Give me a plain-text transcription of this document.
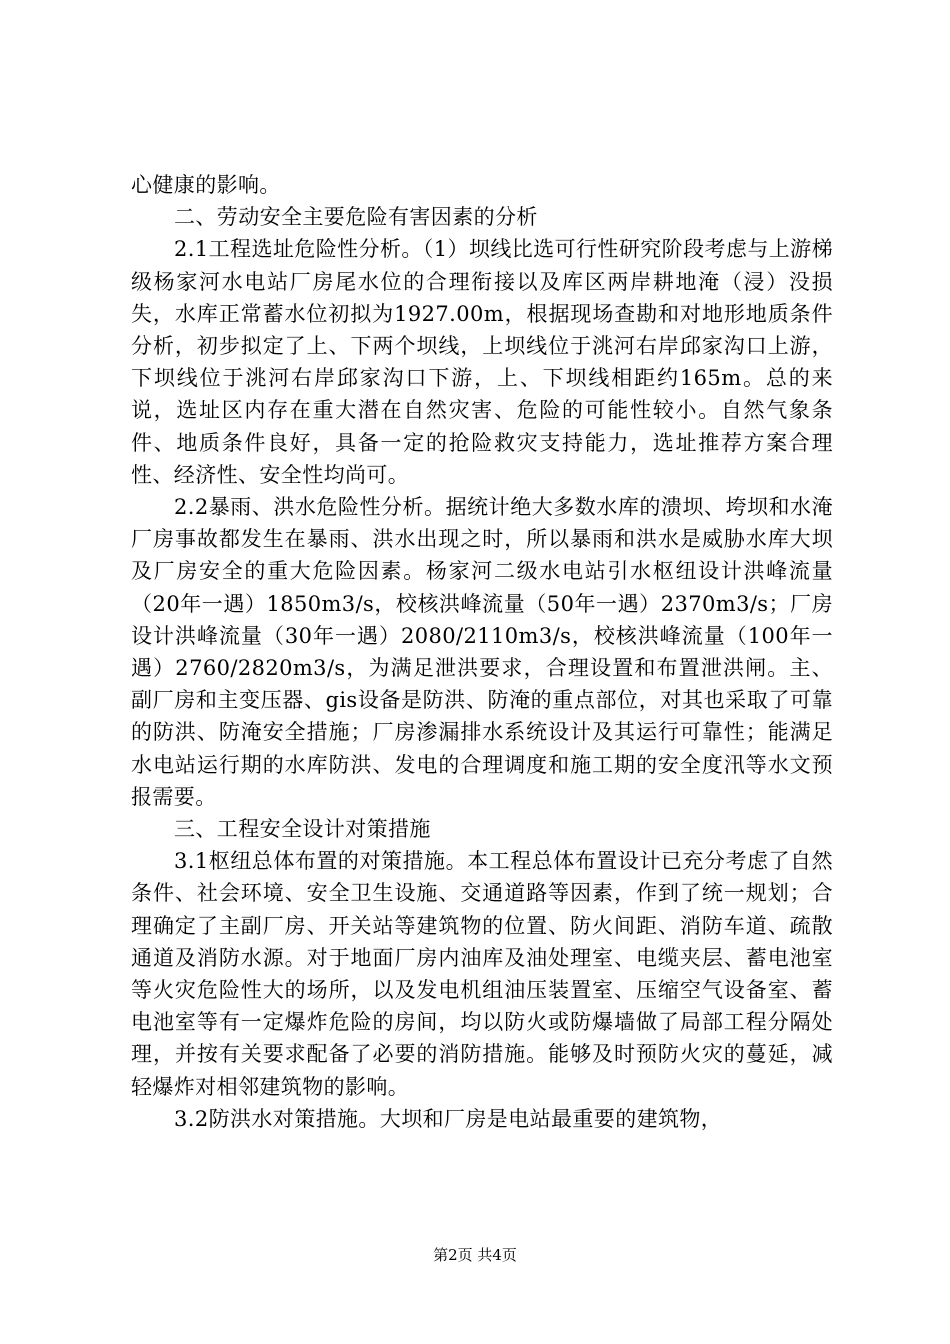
心健康的影响。

二、劳动安全主要危险有害因素的分析

2.1工程选址危险性分析。（1）坝线比选可行性研究阶段考虑与上游梯级杨家河水电站厂房尾水位的合理衔接以及库区两岸耕地淹（浸）没损失，水库正常蓄水位初拟为1927.00m，根据现场查勘和对地形地质条件分析，初步拟定了上、下两个坝线，上坝线位于洮河右岸邱家沟口上游，下坝线位于洮河右岸邱家沟口下游，上、下坝线相距约165m。总的来说，选址区内存在重大潜在自然灾害、危险的可能性较小。自然气象条件、地质条件良好，具备一定的抢险救灾支持能力，选址推荐方案合理性、经济性、安全性均尚可。

2.2暴雨、洪水危险性分析。据统计绝大多数水库的溃坝、垮坝和水淹厂房事故都发生在暴雨、洪水出现之时，所以暴雨和洪水是威胁水库大坝及厂房安全的重大危险因素。杨家河二级水电站引水枢纽设计洪峰流量（20年一遇）1850m3/s，校核洪峰流量（50年一遇）2370m3/s；厂房设计洪峰流量（30年一遇）2080/2110m3/s，校核洪峰流量（100年一遇）2760/2820m3/s，为满足泄洪要求，合理设置和布置泄洪闸。主、副厂房和主变压器、gis设备是防洪、防淹的重点部位，对其也采取了可靠的防洪、防淹安全措施；厂房渗漏排水系统设计及其运行可靠性；能满足水电站运行期的水库防洪、发电的合理调度和施工期的安全度汛等水文预报需要。

三、工程安全设计对策措施

3.1枢纽总体布置的对策措施。本工程总体布置设计已充分考虑了自然条件、社会环境、安全卫生设施、交通道路等因素，作到了统一规划；合理确定了主副厂房、开关站等建筑物的位置、防火间距、消防车道、疏散通道及消防水源。对于地面厂房内油库及油处理室、电缆夹层、蓄电池室等火灾危险性大的场所，以及发电机组油压装置室、压缩空气设备室、蓄电池室等有一定爆炸危险的房间，均以防火或防爆墙做了局部工程分隔处理，并按有关要求配备了必要的消防措施。能够及时预防火灾的蔓延，减轻爆炸对相邻建筑物的影响。

3.2防洪水对策措施。大坝和厂房是电站最重要的建筑物，

第2页 共4页
